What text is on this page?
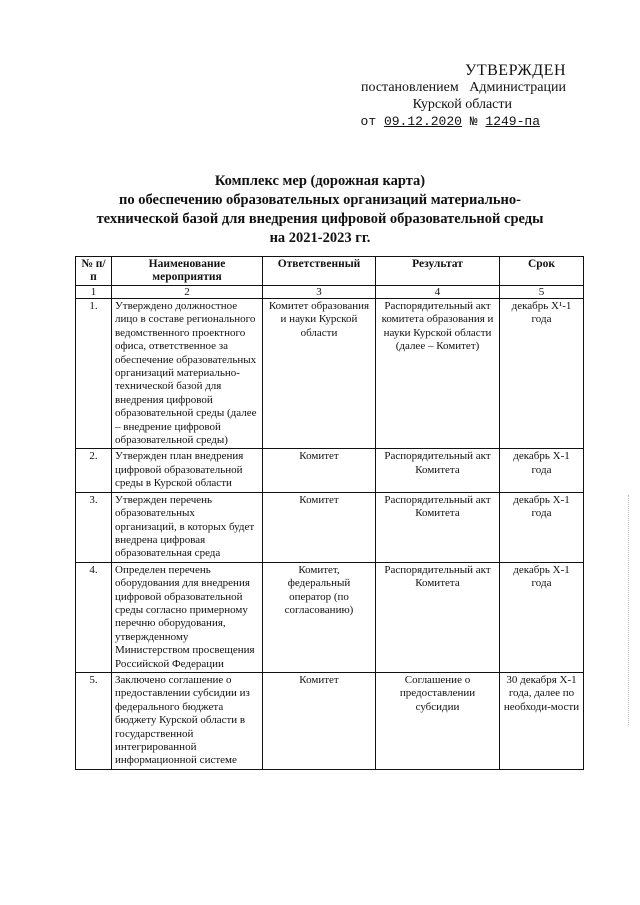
УТВЕРЖДЕН
постановлением   Администрации
Курской области
от 09.12.2020 № 1249-па
Комплекс мер (дорожная карта)
по обеспечению образовательных организаций материально-
технической базой для внедрения цифровой образовательной среды
на 2021-2023 гг.
№ п/п	Наименование мероприятия	Ответственный	Результат	Срок
1	2	3	4	5
1.	Утверждено должностное лицо в составе регионального ведомственного проектного офиса, ответственное за обеспечение образовательных организаций материально-технической базой для внедрения цифровой образовательной среды (далее – внедрение цифровой образовательной среды)	Комитет образования и науки Курской области	Распорядительный акт комитета образования и науки Курской области (далее – Комитет)	декабрь X¹-1 года
2.	Утвержден план внедрения цифровой образовательной среды в Курской области	Комитет	Распорядительный акт Комитета	декабрь X-1 года
3.	Утвержден перечень образовательных организаций, в которых будет внедрена цифровая образовательная среда	Комитет	Распорядительный акт Комитета	декабрь X-1 года
4.	Определен перечень оборудования для внедрения цифровой образовательной среды согласно примерному перечню оборудования, утвержденному Министерством просвещения Российской Федерации	Комитет, федеральный оператор (по согласованию)	Распорядительный акт Комитета	декабрь X-1 года
5.	Заключено соглашение о предоставлении субсидии из федерального бюджета бюджету Курской области в государственной интегрированной информационной системе	Комитет	Соглашение о предоставлении субсидии	30 декабря X-1 года, далее по необходи-мости
